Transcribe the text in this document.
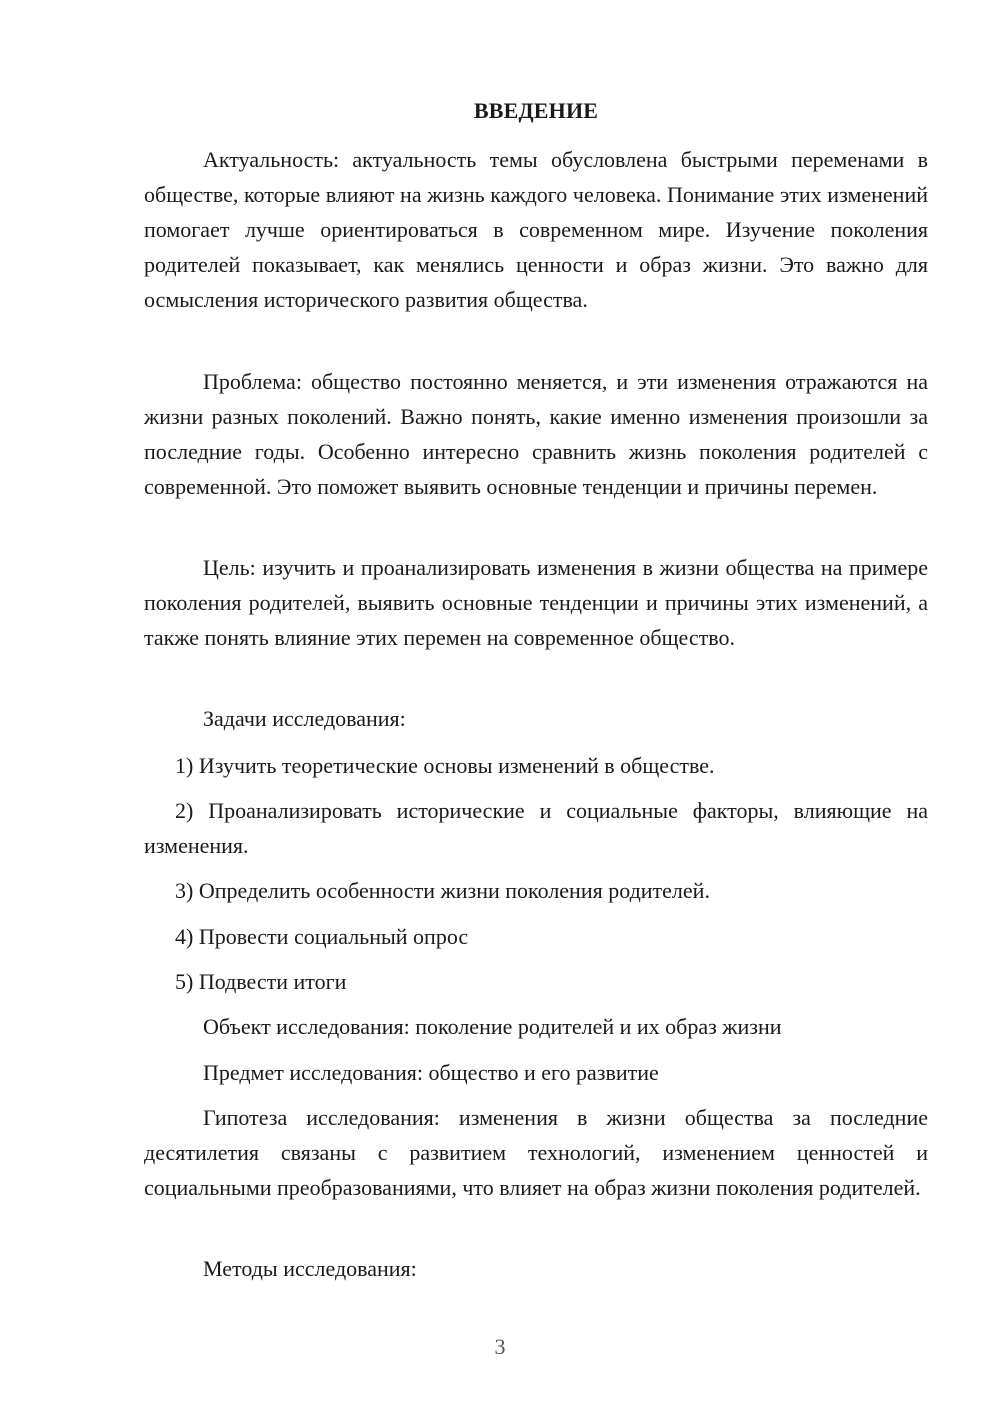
ВВЕДЕНИЕ

Актуальность: актуальность темы обусловлена быстрыми переменами в обществе, которые влияют на жизнь каждого человека. Понимание этих изменений помогает лучше ориентироваться в современном мире. Изучение поколения родителей показывает, как менялись ценности и образ жизни. Это важно для осмысления исторического развития общества.

Проблема: общество постоянно меняется, и эти изменения отражаются на жизни разных поколений. Важно понять, какие именно изменения произошли за последние годы. Особенно интересно сравнить жизнь поколения родителей с современной. Это поможет выявить основные тенденции и причины перемен.

Цель: изучить и проанализировать изменения в жизни общества на примере поколения родителей, выявить основные тенденции и причины этих изменений, а также понять влияние этих перемен на современное общество.

Задачи исследования:

1) Изучить теоретические основы изменений в обществе.

2) Проанализировать исторические и социальные факторы, влияющие на изменения.

3) Определить особенности жизни поколения родителей.

4) Провести социальный опрос

5) Подвести итоги

Объект исследования: поколение родителей и их образ жизни

Предмет исследования: общество и его развитие

Гипотеза исследования: изменения в жизни общества за последние десятилетия связаны с развитием технологий, изменением ценностей и социальными преобразованиями, что влияет на образ жизни поколения родителей.

Методы исследования:

3
